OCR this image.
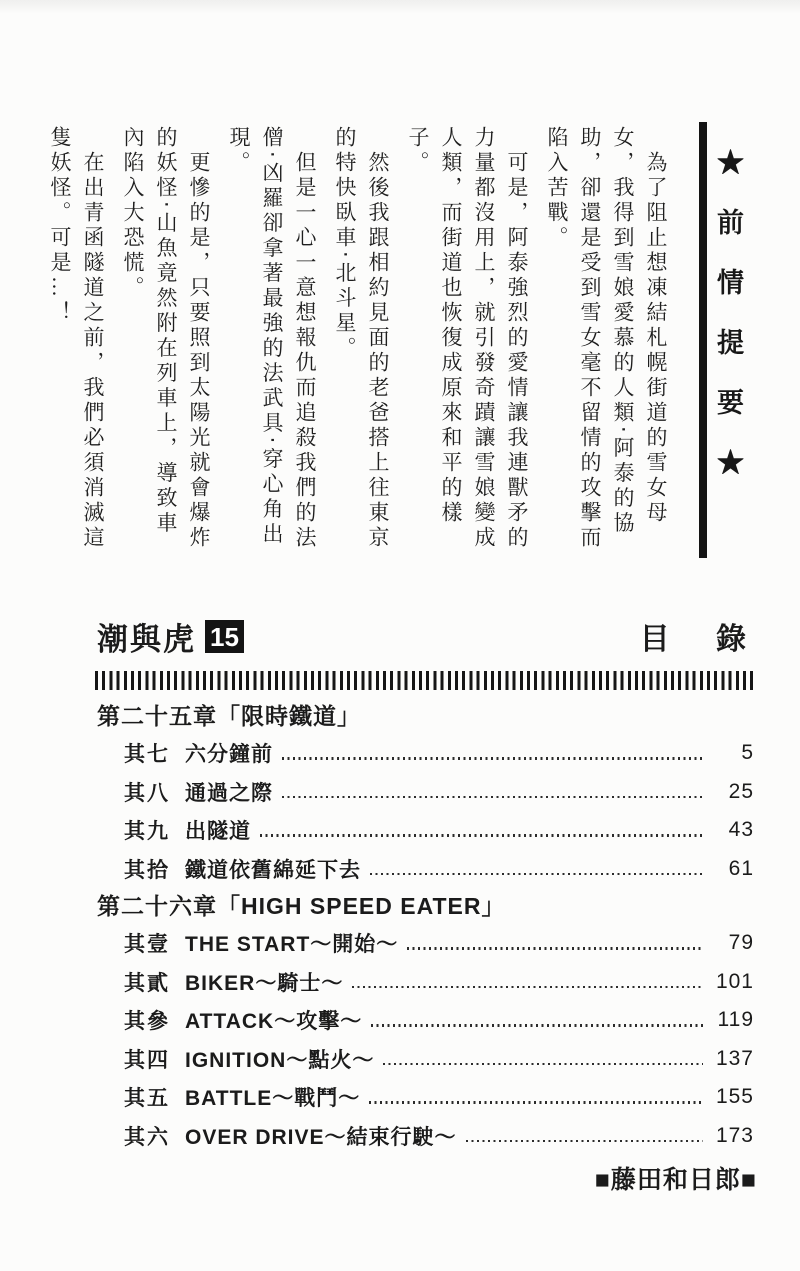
為了阻止想凍結札幌街道的雪女母女，我得到雪娘愛慕的人類‧阿泰的協助，卻還是受到雪女毫不留情的攻擊而陷入苦戰。

可是，阿泰強烈的愛情讓我連獸矛的力量都沒用上，就引發奇蹟讓雪娘變成人類，而街道也恢復成原來和平的樣子。

然後我跟相約見面的老爸搭上往東京的特快臥車‧北斗星。

但是一心一意想報仇而追殺我們的法僧‧凶羅卻拿著最強的法武具‧穿心角出現。

更慘的是，只要照到太陽光就會爆炸的妖怪‧山魚竟然附在列車上，導致車內陷入大恐慌。

在出青函隧道之前，我們必須消滅這隻妖怪。可是…！	★前情提要★
潮與虎 15	目 錄
第二十五章「限時鐵道」
其七 六分鐘前	5
其八 通過之際	25
其九 出隧道	43
其拾 鐵道依舊綿延下去	61
第二十六章「HIGH SPEED EATER」
其壹 THE START～開始～	79
其貳 BIKER～騎士～	101
其參 ATTACK～攻擊～	119
其四 IGNITION～點火～	137
其五 BATTLE～戰鬥～	155
其六 OVER DRIVE～結束行駛～	173
■藤田和日郎■
